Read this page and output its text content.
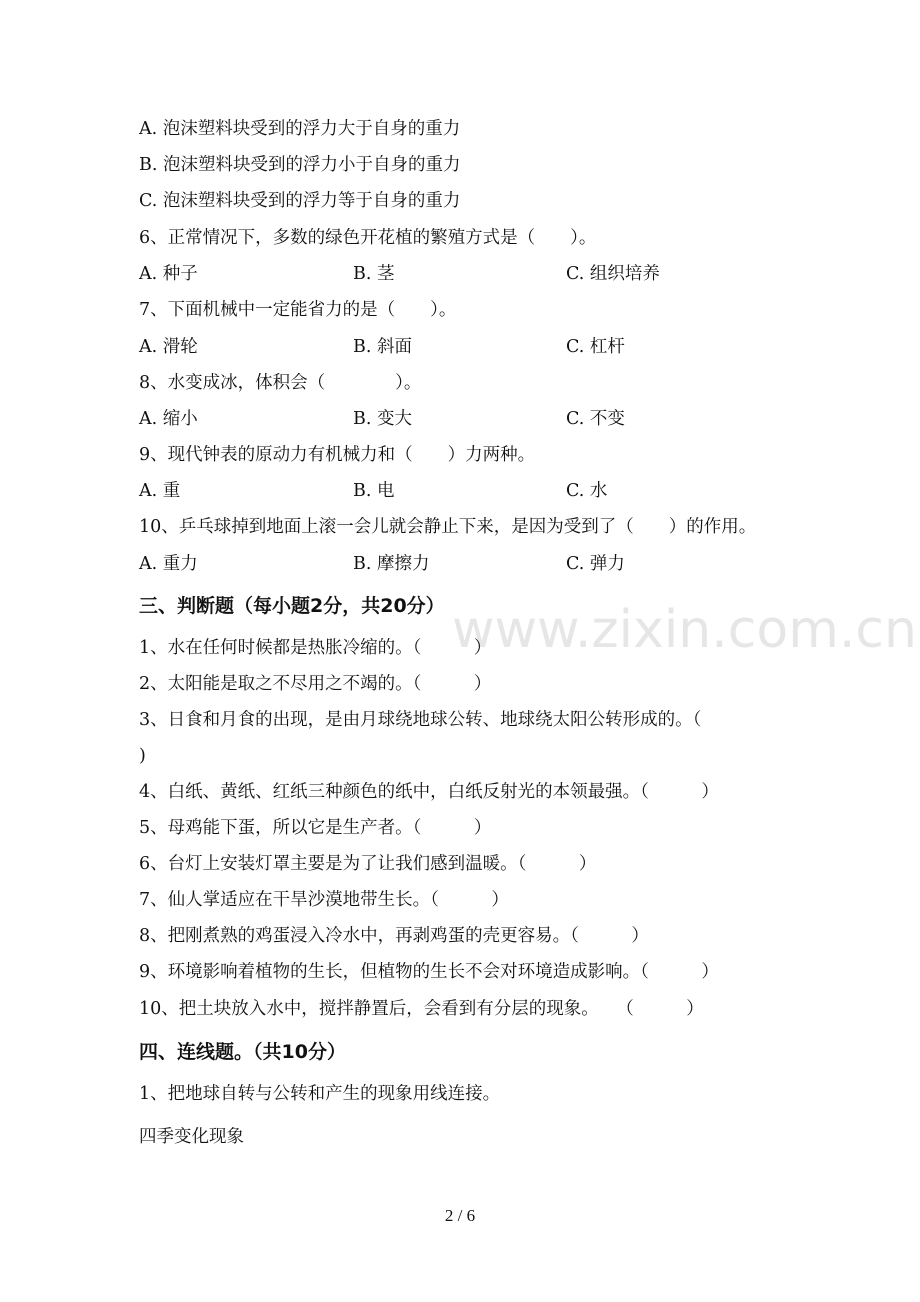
www.zixin.com.cn
A. 泡沫塑料块受到的浮力大于自身的重力
B. 泡沫塑料块受到的浮力小于自身的重力
C. 泡沫塑料块受到的浮力等于自身的重力
6、正常情况下，多数的绿色开花植的繁殖方式是（　　）。
A. 种子	B. 茎	C. 组织培养
7、下面机械中一定能省力的是（　　）。
A. 滑轮	B. 斜面	C. 杠杆
8、水变成冰，体积会（　　　　）。
A. 缩小	B. 变大	C. 不变
9、现代钟表的原动力有机械力和（　　）力两种。
A. 重	B. 电	C. 水
10、乒乓球掉到地面上滚一会儿就会静止下来，是因为受到了（　　）的作用。
A. 重力	B. 摩擦力	C. 弹力
三、判断题（每小题2分，共20分）
1、水在任何时候都是热胀冷缩的。（　　　）
2、太阳能是取之不尽用之不竭的。（　　　）
3、日食和月食的出现，是由月球绕地球公转、地球绕太阳公转形成的。（
)
4、白纸、黄纸、红纸三种颜色的纸中，白纸反射光的本领最强。（　　　）
5、母鸡能下蛋，所以它是生产者。（　　　）
6、台灯上安装灯罩主要是为了让我们感到温暖。（　　　）
7、仙人掌适应在干旱沙漠地带生长。（　　　）
8、把刚煮熟的鸡蛋浸入冷水中，再剥鸡蛋的壳更容易。（　　　）
9、环境影响着植物的生长，但植物的生长不会对环境造成影响。（　　　）
10、把土块放入水中，搅拌静置后，会看到有分层的现象。　　（　　　）
四、连线题。（共10分）
1、把地球自转与公转和产生的现象用线连接。
四季变化现象
2 / 6
